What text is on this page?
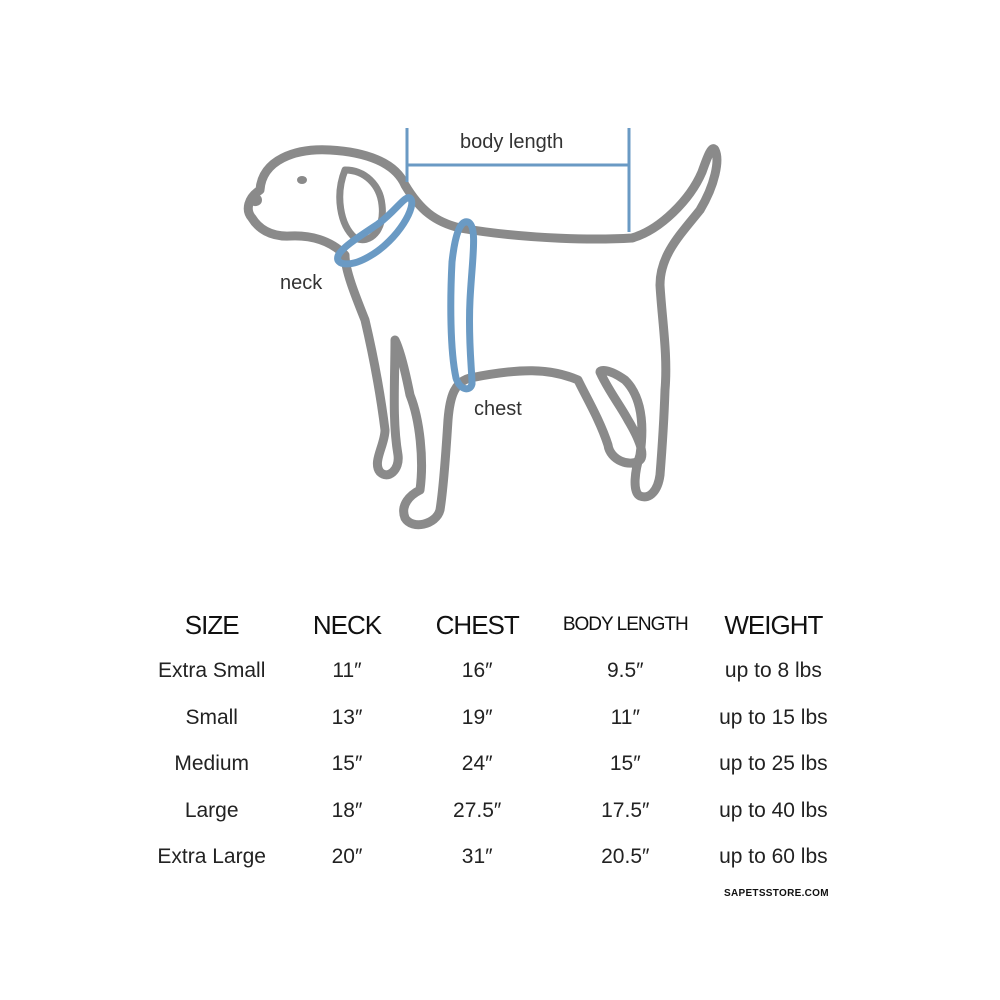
body length
neck
chest
SIZE	NECK	CHEST	BODY LENGTH	WEIGHT
Extra Small	11″	16″	9.5″	up to 8 lbs
Small	13″	19″	11″	up to 15 lbs
Medium	15″	24″	15″	up to 25 lbs
Large	18″	27.5″	17.5″	up to 40 lbs
Extra Large	20″	31″	20.5″	up to 60 lbs
SAPETSSTORE.COM
